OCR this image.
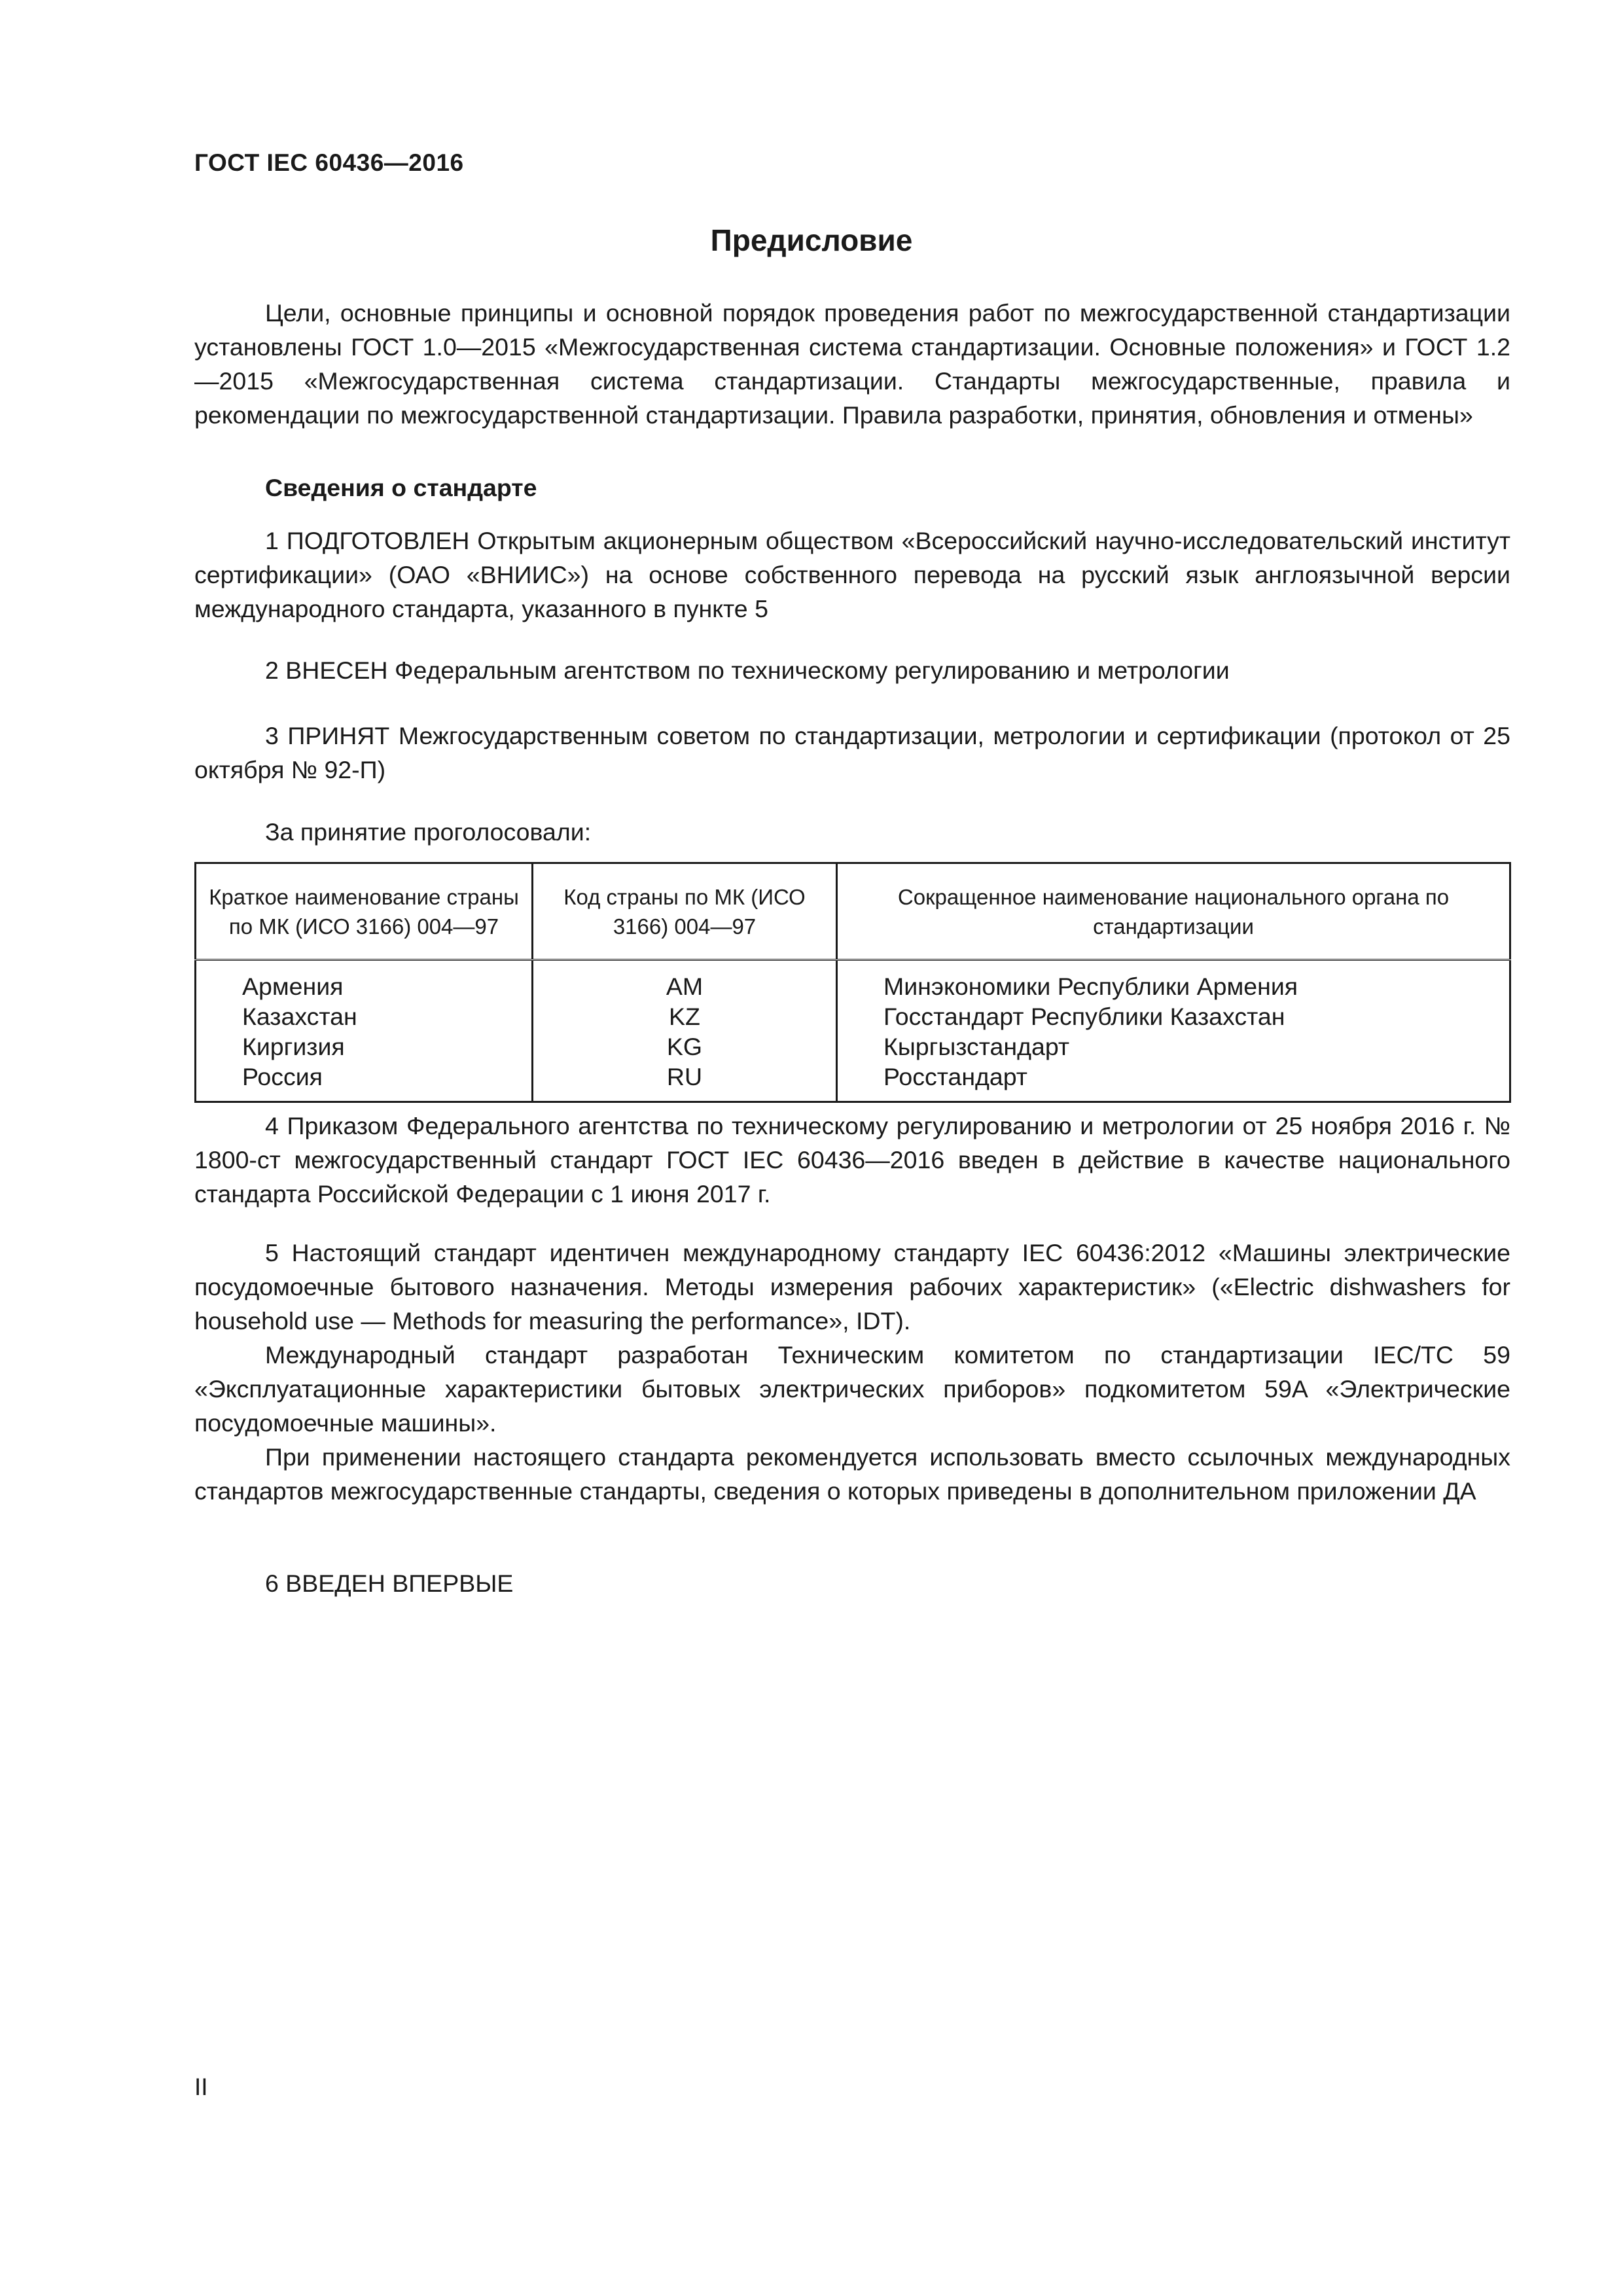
ГОСТ IEC 60436—2016
Предисловие

Цели, основные принципы и основной порядок проведения работ по межгосударственной стандартизации установлены ГОСТ 1.0—2015 «Межгосударственная система стандартизации. Основные положения» и ГОСТ 1.2—2015 «Межгосударственная система стандартизации. Стандарты межгосударственные, правила и рекомендации по межгосударственной стандартизации. Правила разработки, принятия, обновления и отмены»

Сведения о стандарте

1 ПОДГОТОВЛЕН Открытым акционерным обществом «Всероссийский научно-исследовательский институт сертификации» (ОАО «ВНИИС») на основе собственного перевода на русский язык англоязычной версии международного стандарта, указанного в пункте 5

2 ВНЕСЕН Федеральным агентством по техническому регулированию и метрологии

3 ПРИНЯТ Межгосударственным советом по стандартизации, метрологии и сертификации (протокол от 25 октября № 92-П)

За принятие проголосовали:

Краткое наименование страны по МК (ИСО 3166) 004—97	Код страны по МК (ИСО 3166) 004—97	Сокращенное наименование национального органа по стандартизации
Армения	AM	Минэкономики Республики Армения
Казахстан	KZ	Госстандарт Республики Казахстан
Киргизия	KG	Кыргызстандарт
Россия	RU	Росстандарт

4 Приказом Федерального агентства по техническому регулированию и метрологии от 25 ноября 2016 г. № 1800-ст межгосударственный стандарт ГОСТ IEC 60436—2016 введен в действие в качестве национального стандарта Российской Федерации с 1 июня 2017 г.

5 Настоящий стандарт идентичен международному стандарту IEC 60436:2012 «Машины электрические посудомоечные бытового назначения. Методы измерения рабочих характеристик» («Electric dishwashers for household use — Methods for measuring the performance», IDT).

Международный стандарт разработан Техническим комитетом по стандартизации IEC/TC 59 «Эксплуатационные характеристики бытовых электрических приборов» подкомитетом 59A «Электрические посудомоечные машины».

При применении настоящего стандарта рекомендуется использовать вместо ссылочных международных стандартов межгосударственные стандарты, сведения о которых приведены в дополнительном приложении ДА

6 ВВЕДЕН ВПЕРВЫЕ

II
